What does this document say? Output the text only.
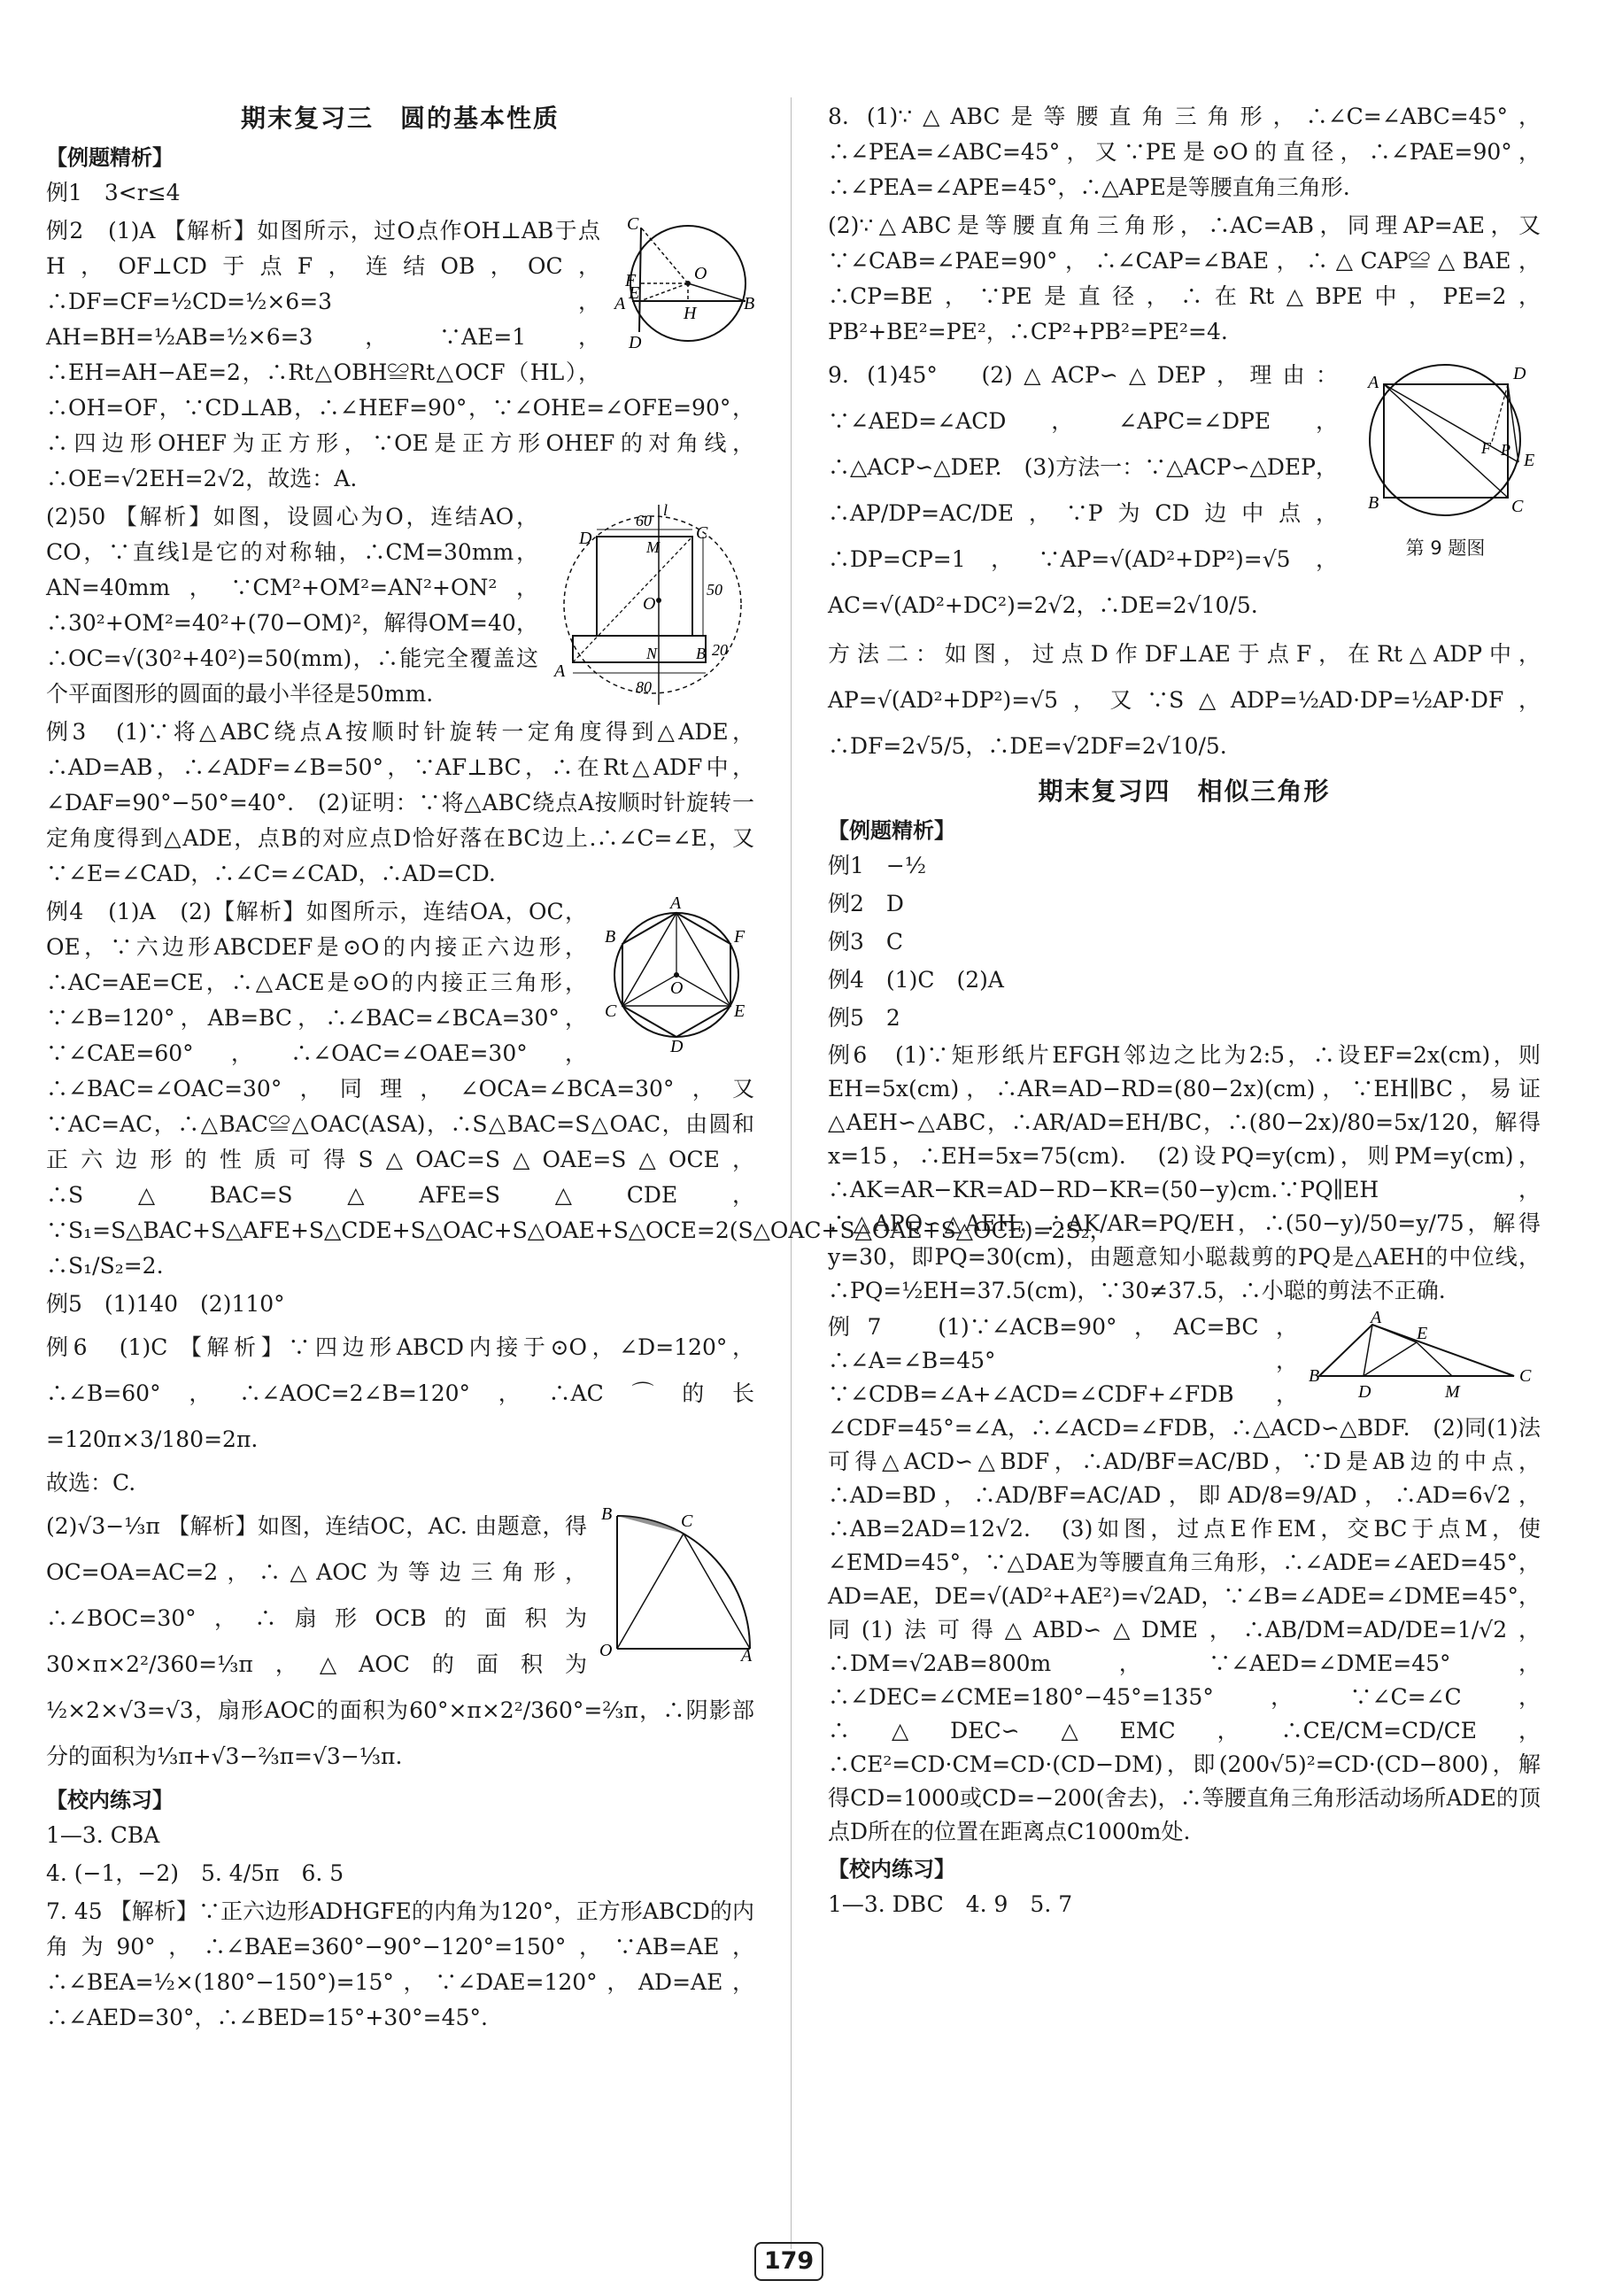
期末复习三　圆的基本性质
【例题精析】

例1　3<r≤4

C
O
F
E
A	H	B
D

例2　(1)A 【解析】如图所示，过O点作OH⊥AB于点H，OF⊥CD于点F，连结OB，OC，∴DF=CF=½CD=½×6=3，AH=BH=½AB=½×6=3，∵AE=1，∴EH=AH−AE=2，∴Rt△OBH≌Rt△OCF（HL），∴OH=OF，∵CD⊥AB，∴∠HEF=90°，∵∠OHE=∠OFE=90°，∴四边形OHEF为正方形，∵OE是正方形OHEF的对角线，∴OE=√2EH=2√2，故选：A.

l
D
60
C
M
O
50
A
N B
80
20

(2)50 【解析】如图，设圆心为O，连结AO，CO，∵直线l是它的对称轴，∴CM=30mm，AN=40mm，∵CM²+OM²=AN²+ON²，∴30²+OM²=40²+(70−OM)²，解得OM=40，∴OC=√(30²+40²)=50(mm)，∴能完全覆盖这个平面图形的圆面的最小半径是50mm.

例3　(1)∵将△ABC绕点A按顺时针旋转一定角度得到△ADE，∴AD=AB，∴∠ADF=∠B=50°，∵AF⊥BC，∴在Rt△ADF中，∠DAF=90°−50°=40°.　(2)证明：∵将△ABC绕点A按顺时针旋转一定角度得到△ADE，点B的对应点D恰好落在BC边上.∴∠C=∠E，又∵∠E=∠CAD，∴∠C=∠CAD，∴AD=CD.

A
F
B
O
E
C
D

例4　(1)A　(2)【解析】如图所示，连结OA，OC，OE，∵六边形ABCDEF是⊙O的内接正六边形，∴AC=AE=CE，∴△ACE是⊙O的内接正三角形，∵∠B=120°，AB=BC，∴∠BAC=∠BCA=30°，∵∠CAE=60°，∴∠OAC=∠OAE=30°，∴∠BAC=∠OAC=30°，同理，∠OCA=∠BCA=30°，又∵AC=AC，∴△BAC≌△OAC(ASA)，∴S△BAC=S△OAC，由圆和正六边形的性质可得S△OAC=S△OAE=S△OCE，∴S△BAC=S△AFE=S△CDE，∵S₁=S△BAC+S△AFE+S△CDE+S△OAC+S△OAE+S△OCE=2(S△OAC+S△OAE+S△OCE)=2S₂，∴S₁/S₂=2.

例5　(1)140　(2)110°

例6　(1)C 【解析】∵四边形ABCD内接于⊙O，∠D=120°，∴∠B=60°，∴∠AOC=2∠B=120°，∴AC⌒的长=120π×3/180=2π.

故选：C.

B	C
O	A

(2)√3−⅓π 【解析】如图，连结OC，AC. 由题意，得OC=OA=AC=2，∴△AOC为等边三角形，∴∠BOC=30°，∴扇形OCB的面积为30×π×2²/360=⅓π，△AOC的面积为½×2×√3=√3，扇形AOC的面积为60°×π×2²/360°=⅔π，∴阴影部分的面积为⅓π+√3−⅔π=√3−⅓π.

【校内练习】

1—3. CBA

4. (−1，−2)　5. 4/5π　6. 5

7. 45 【解析】∵正六边形ADHGFE的内角为120°，正方形ABCD的内角为90°，∴∠BAE=360°−90°−120°=150°，∵AB=AE，∴∠BEA=½×(180°−150°)=15°，∵∠DAE=120°，AD=AE，∴∠AED=30°，∴∠BED=15°+30°=45°.

8. (1)∵△ABC是等腰直角三角形，∴∠C=∠ABC=45°，∴∠PEA=∠ABC=45°，又∵PE是⊙O的直径，∴∠PAE=90°，∴∠PEA=∠APE=45°，∴△APE是等腰直角三角形.

(2)∵△ABC是等腰直角三角形，∴AC=AB，同理AP=AE，又∵∠CAB=∠PAE=90°，∴∠CAP=∠BAE，∴△CAP≌△BAE，∴CP=BE，∵PE是直径，∴在Rt△BPE中，PE=2，PB²+BE²=PE²，∴CP²+PB²=PE²=4.

A	D
F P
E
B	C
第 9 题图

9. (1)45°　(2)△ACP∽△DEP，理由：∵∠AED=∠ACD，∠APC=∠DPE，∴△ACP∽△DEP.　(3)方法一：∵△ACP∽△DEP，∴AP/DP=AC/DE，∵P为CD边中点，∴DP=CP=1，∵AP=√(AD²+DP²)=√5，AC=√(AD²+DC²)=2√2，∴DE=2√10/5.

方法二：如图，过点D作DF⊥AE于点F，在Rt△ADP中，AP=√(AD²+DP²)=√5，又∵S△ADP=½AD·DP=½AP·DF，∴DF=2√5/5，∴DE=√2DF=2√10/5.

期末复习四　相似三角形
【例题精析】

例1　−½

例2　D

例3　C

例4　(1)C　(2)A

例5　2

例6　(1)∵矩形纸片EFGH邻边之比为2:5，∴设EF=2x(cm)，则EH=5x(cm)，∴AR=AD−RD=(80−2x)(cm)，∵EH∥BC，易证△AEH∽△ABC，∴AR/AD=EH/BC，∴(80−2x)/80=5x/120，解得x=15，∴EH=5x=75(cm).　(2)设PQ=y(cm)，则PM=y(cm)，∴AK=AR−KR=AD−RD−KR=(50−y)cm.∵PQ∥EH，∴△APQ∽△AEH，∴AK/AR=PQ/EH，∴(50−y)/50=y/75，解得y=30，即PQ=30(cm)，由题意知小聪裁剪的PQ是△AEH的中位线，∴PQ=½EH=37.5(cm)，∵30≠37.5，∴小聪的剪法不正确.

A
E
B
D	M
C

例7　(1)∵∠ACB=90°，AC=BC，∴∠A=∠B=45°，∵∠CDB=∠A+∠ACD=∠CDF+∠FDB，∠CDF=45°=∠A，∴∠ACD=∠FDB，∴△ACD∽△BDF.　(2)同(1)法可得△ACD∽△BDF，∴AD/BF=AC/BD，∵D是AB边的中点，∴AD=BD，∴AD/BF=AC/AD，即AD/8=9/AD，∴AD=6√2，∴AB=2AD=12√2.　(3)如图，过点E作EM，交BC于点M，使∠EMD=45°，∵△DAE为等腰直角三角形，∴∠ADE=∠AED=45°，AD=AE，DE=√(AD²+AE²)=√2AD，∵∠B=∠ADE=∠DME=45°，同(1)法可得△ABD∽△DME，∴AB/DM=AD/DE=1/√2，∴DM=√2AB=800m，∵∠AED=∠DME=45°，∴∠DEC=∠CME=180°−45°=135°，∵∠C=∠C，∴△DEC∽△EMC，∴CE/CM=CD/CE，∴CE²=CD·CM=CD·(CD−DM)，即(200√5)²=CD·(CD−800)，解得CD=1000或CD=−200(舍去)，∴等腰直角三角形活动场所ADE的顶点D所在的位置在距离点C1000m处.

【校内练习】

1—3. DBC　4. 9　5. 7

179
